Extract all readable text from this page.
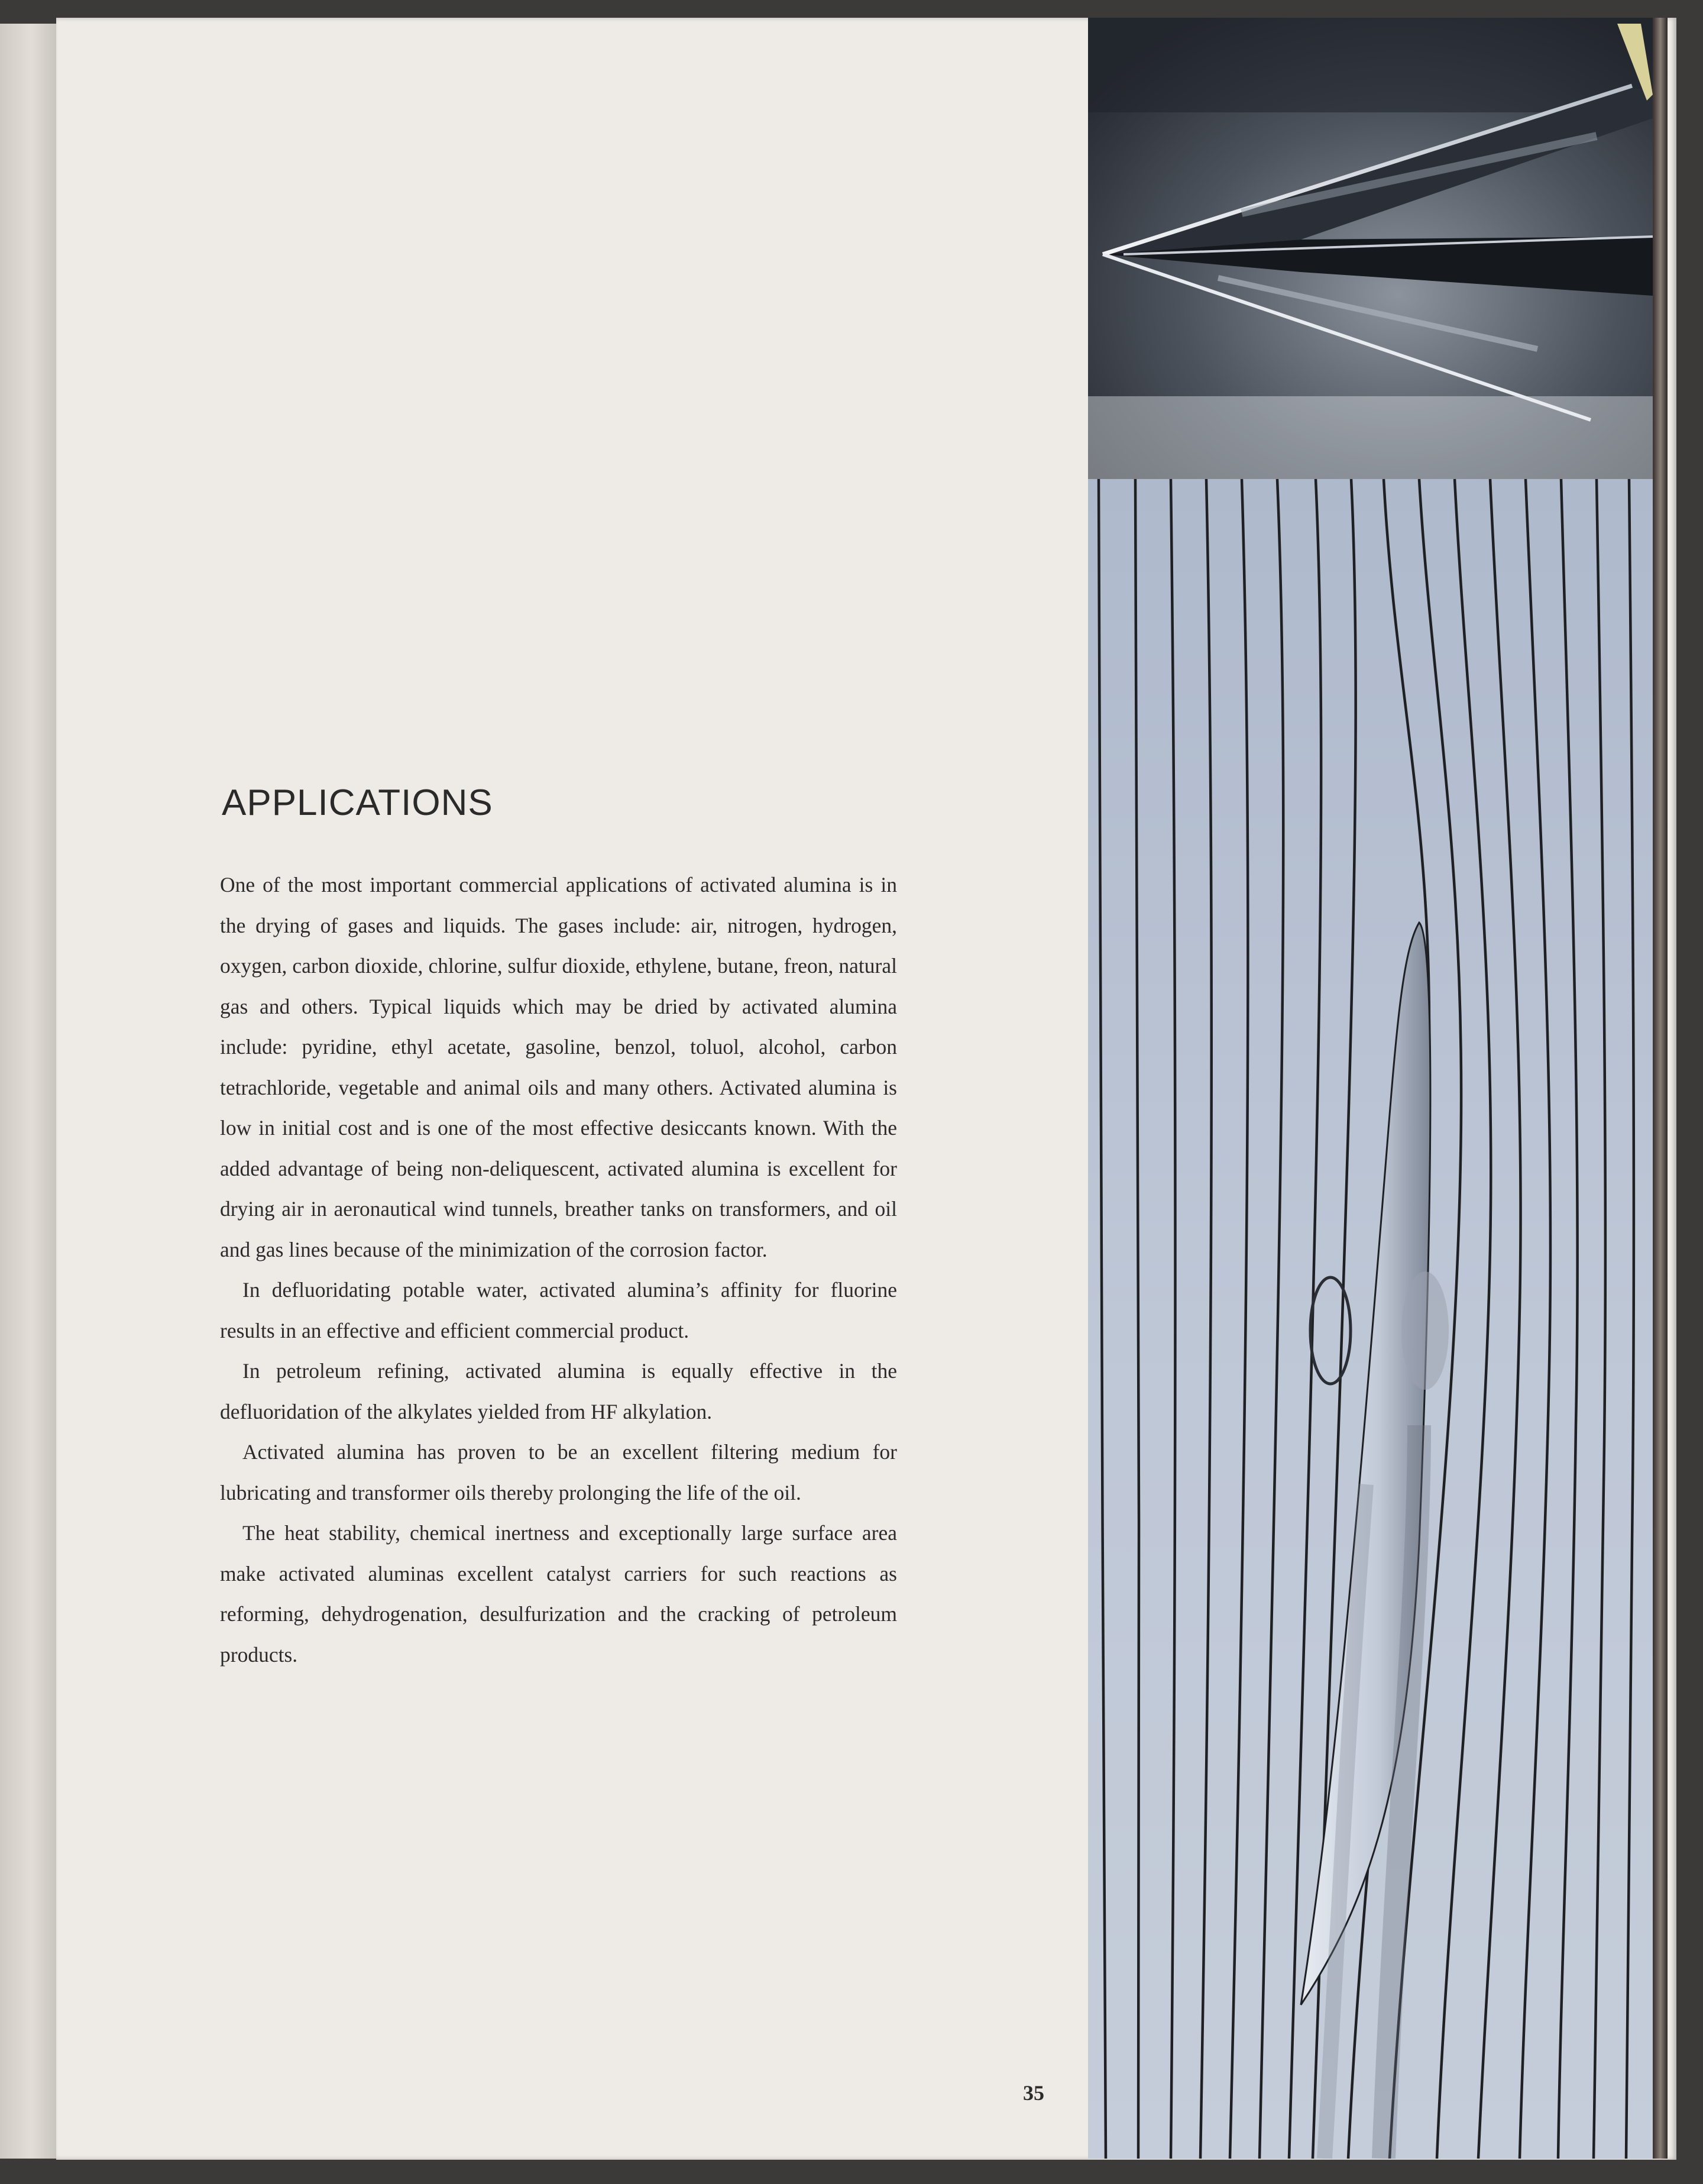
APPLICATIONS

One of the most important commercial applications of activated alumina is in the drying of gases and liquids. The gases include: air, nitrogen, hydrogen, oxygen, carbon dioxide, chlorine, sulfur dioxide, ethylene, butane, freon, natural gas and others. Typical liquids which may be dried by activated alumina include: pyridine, ethyl acetate, gasoline, benzol, toluol, alcohol, carbon tetrachloride, vegetable and animal oils and many others. Activated alumina is low in initial cost and is one of the most effective desiccants known. With the added advantage of being non-deliquescent, activated alumina is excellent for drying air in aeronautical wind tunnels, breather tanks on transformers, and oil and gas lines because of the minimization of the corrosion factor.

In defluoridating potable water, activated alumina’s affinity for fluorine results in an effective and efficient commercial product.

In petroleum refining, activated alumina is equally effective in the defluoridation of the alkylates yielded from HF alkylation.

Activated alumina has proven to be an excellent filtering medium for lubricating and transformer oils thereby prolonging the life of the oil.

The heat stability, chemical inertness and exceptionally large surface area make activated aluminas excellent catalyst carriers for such reactions as reforming, dehydrogenation, desulfurization and the cracking of petroleum products.

35
